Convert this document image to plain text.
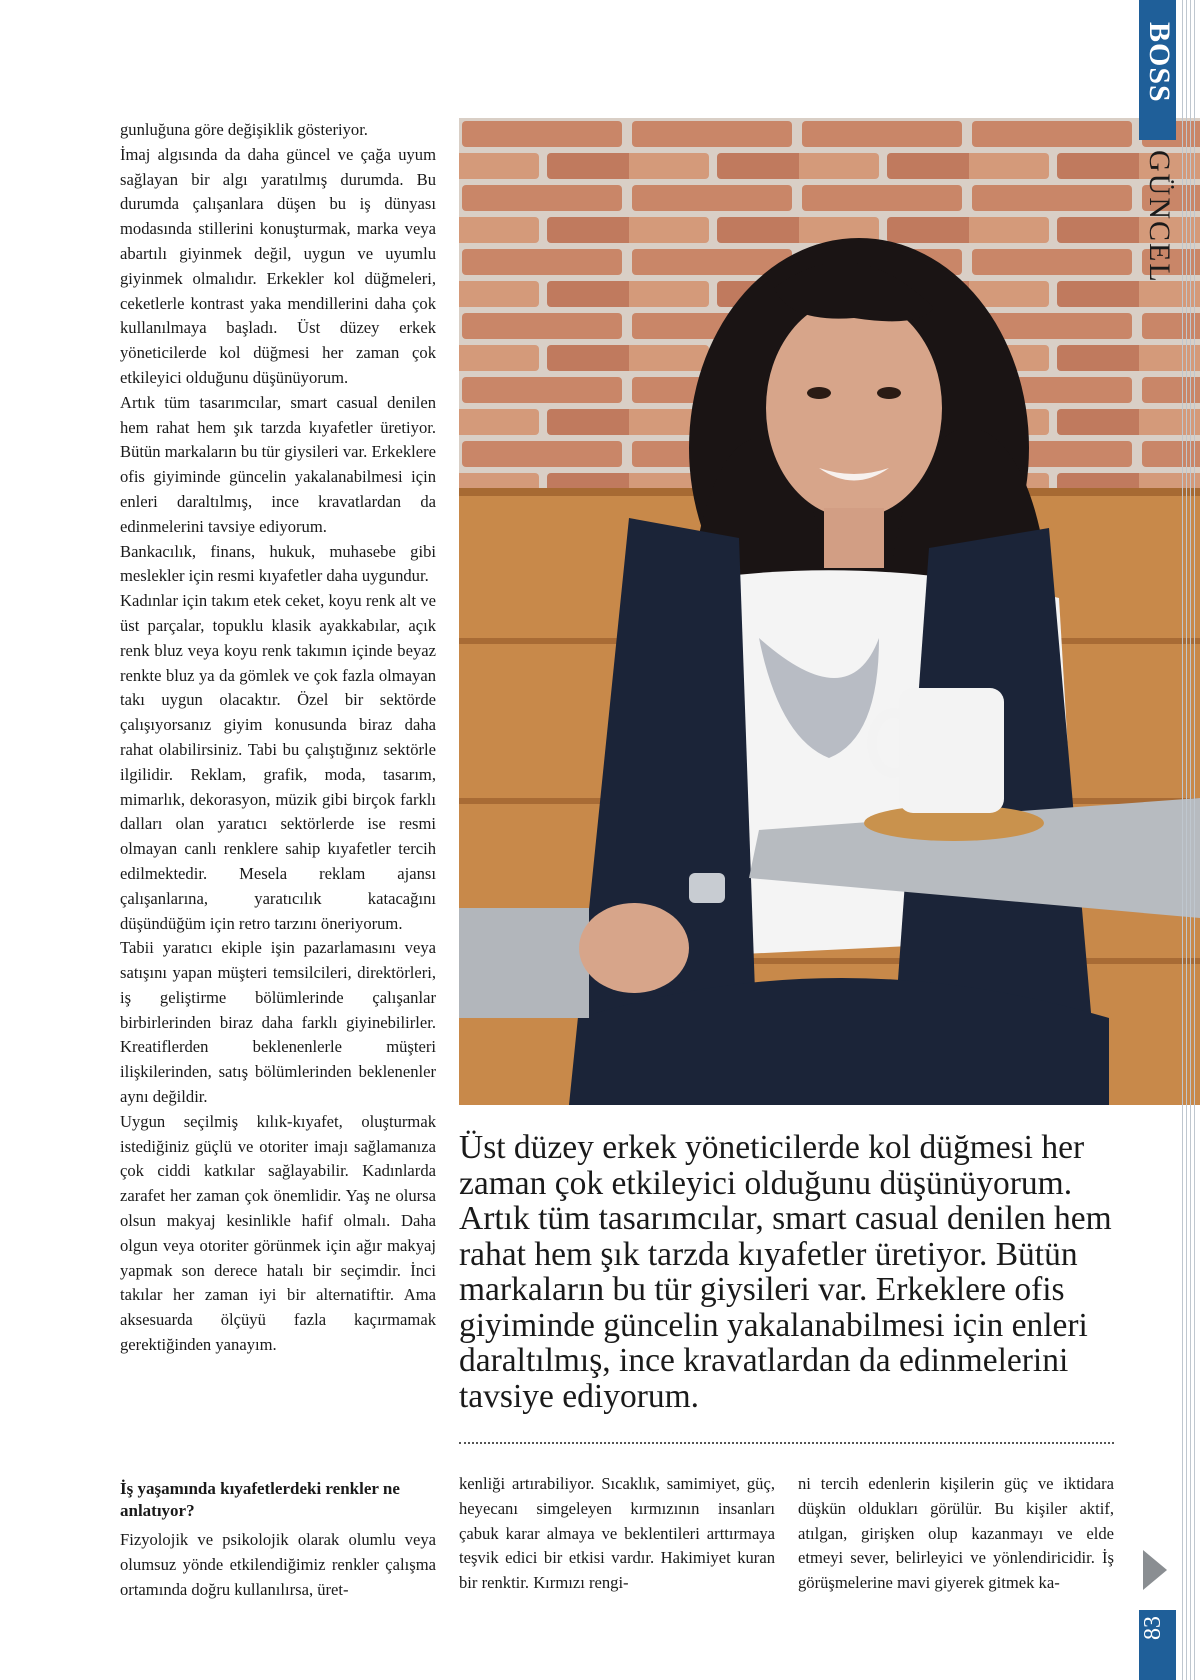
gunluğuna göre değişiklik gösteriyor.

İmaj algısında da daha güncel ve çağa uyum sağlayan bir algı yaratılmış durumda. Bu durumda çalışanlara düşen bu iş dünyası modasında stillerini konuşturmak, marka veya abartılı giyinmek değil, uygun ve uyumlu giyinmek olmalıdır. Erkekler kol düğmeleri, ceketlerle kontrast yaka mendillerini daha çok kullanılmaya başladı. Üst düzey erkek yöneticilerde kol düğmesi her zaman çok etkileyici olduğunu düşünüyorum.

Artık tüm tasarımcılar, smart casual denilen hem rahat hem şık tarzda kıyafetler üretiyor. Bütün markaların bu tür giysileri var. Erkeklere ofis giyiminde güncelin yakalanabilmesi için enleri daraltılmış, ince kravatlardan da edinmelerini tavsiye ediyorum.

Bankacılık, finans, hukuk, muhasebe gibi meslekler için resmi kıyafetler daha uygundur.

Kadınlar için takım etek ceket, koyu renk alt ve üst parçalar, topuklu klasik ayakkabılar, açık renk bluz veya koyu renk takımın içinde beyaz renkte bluz ya da gömlek ve çok fazla olmayan takı uygun olacaktır. Özel bir sektörde çalışıyorsanız giyim konusunda biraz daha rahat olabilirsiniz. Tabi bu çalıştığınız sektörle ilgilidir. Reklam, grafik, moda, tasarım, mimarlık, dekorasyon, müzik gibi birçok farklı dalları olan yaratıcı sektörlerde ise resmi olmayan canlı renklere sahip kıyafetler tercih edilmektedir. Mesela reklam ajansı çalışanlarına, yaratıcılık katacağını düşündüğüm için retro tarzını öneriyorum.

Tabii yaratıcı ekiple işin pazarlamasını veya satışını yapan müşteri temsilcileri, direktörleri, iş geliştirme bölümlerinde çalışanlar birbirlerinden biraz daha farklı giyinebilirler. Kreatiflerden beklenenlerle müşteri ilişkilerinden, satış bölümlerinden beklenenler aynı değildir.

Uygun seçilmiş kılık-kıyafet, oluşturmak istediğiniz güçlü ve otoriter imajı sağlamanıza çok ciddi katkılar sağlayabilir. Kadınlarda zarafet her zaman çok önemlidir. Yaş ne olursa olsun makyaj kesinlikle hafif olmalı. Daha olgun veya otoriter görünmek için ağır makyaj yapmak son derece hatalı bir seçimdir. İnci takılar her zaman iyi bir alternatiftir. Ama aksesuarda ölçüyü fazla kaçırmamak gerektiğinden yanayım.

İş yaşamında kıyafetlerdeki renkler ne anlatıyor?
Fizyolojik ve psikolojik olarak olumlu veya olumsuz yönde etkilendiğimiz renkler çalışma ortamında doğru kullanılırsa, üret-
kenliği artırabiliyor. Sıcaklık, samimiyet, güç, heyecanı simgeleyen kırmızının insanları çabuk karar almaya ve beklentileri arttırmaya teşvik edici bir etkisi vardır. Hakimiyet kuran bir renktir. Kırmızı rengi-
ni tercih edenlerin kişilerin güç ve iktidara düşkün oldukları görülür. Bu kişiler aktif, atılgan, girişken olup kazanmayı ve elde etmeyi sever, belirleyici ve yönlendiricidir. İş görüşmelerine mavi giyerek gitmek ka-
Üst düzey erkek yöneticilerde kol düğmesi her zaman çok etkileyici olduğunu düşünüyorum. Artık tüm tasarımcılar, smart casual denilen hem rahat hem şık tarzda kıyafetler üretiyor. Bütün markaların bu tür giysileri var. Erkeklere ofis giyiminde güncelin yakalanabilmesi için enleri daraltılmış, ince kravatlardan da edinmelerini tavsiye ediyorum.
BOSS
GÜNCEL
83
